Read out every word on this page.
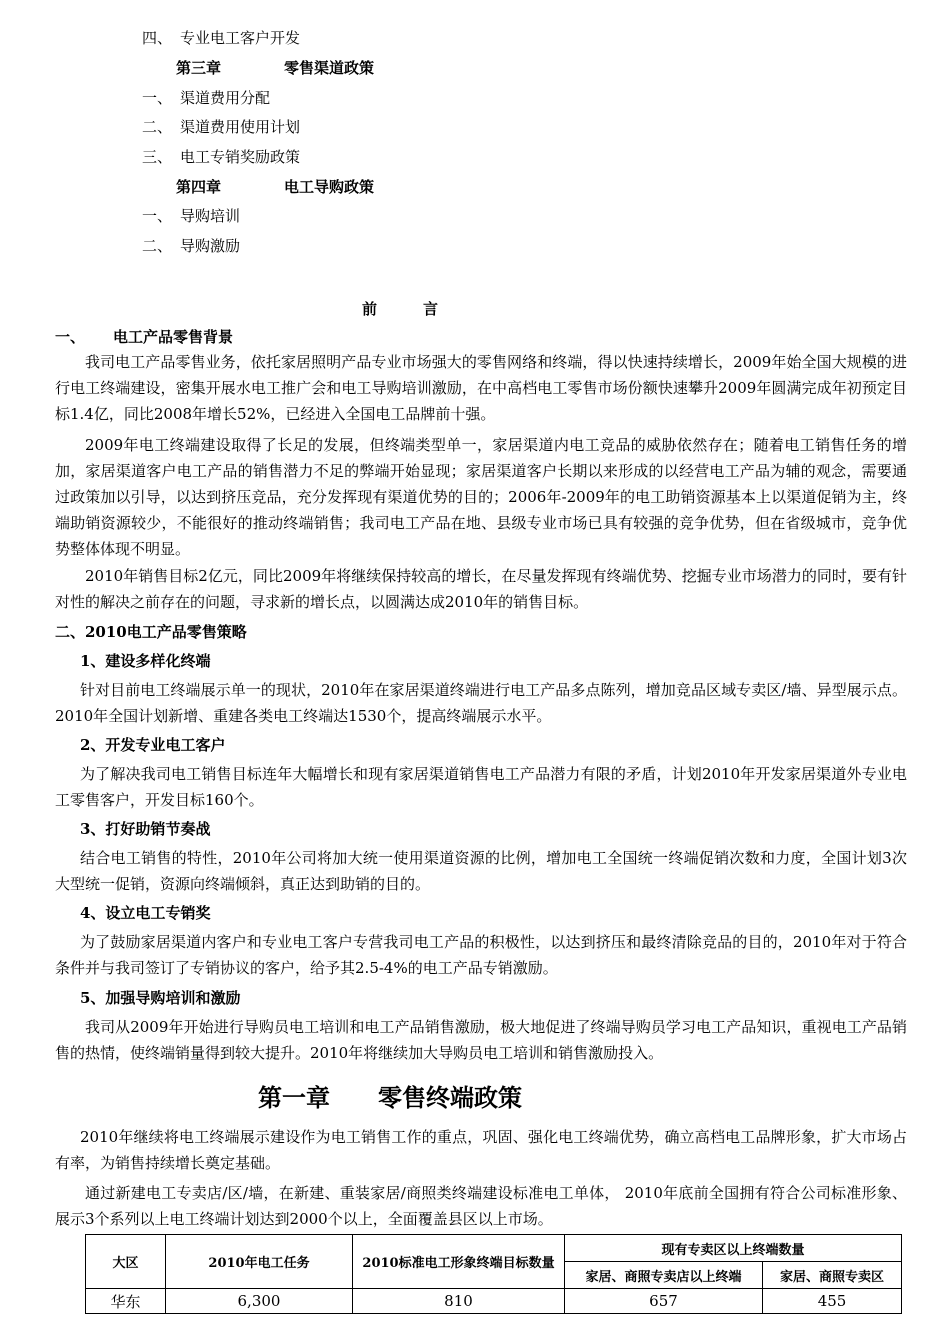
四、 专业电工客户开发
第三章	零售渠道政策
一、 渠道费用分配
二、 渠道费用使用计划
三、 电工专销奖励政策
第四章	电工导购政策
一、 导购培训
二、 导购激励
前言
一、 电工产品零售背景

我司电工产品零售业务，依托家居照明产品专业市场强大的零售网络和终端，得以快速持续增长，2009年始全国大规模的进行电工终端建设，密集开展水电工推广会和电工导购培训激励，在中高档电工零售市场份额快速攀升2009年圆满完成年初预定目标1.4亿，同比2008年增长52%，已经进入全国电工品牌前十强。

2009年电工终端建设取得了长足的发展，但终端类型单一，家居渠道内电工竞品的威胁依然存在；随着电工销售任务的增加，家居渠道客户电工产品的销售潜力不足的弊端开始显现；家居渠道客户长期以来形成的以经营电工产品为辅的观念，需要通过政策加以引导，以达到挤压竞品，充分发挥现有渠道优势的目的；2006年-2009年的电工助销资源基本上以渠道促销为主，终端助销资源较少，不能很好的推动终端销售；我司电工产品在地、县级专业市场已具有较强的竞争优势，但在省级城市，竞争优势整体体现不明显。

2010年销售目标2亿元，同比2009年将继续保持较高的增长，在尽量发挥现有终端优势、挖掘专业市场潜力的同时，要有针对性的解决之前存在的问题，寻求新的增长点，以圆满达成2010年的销售目标。

二、2010电工产品零售策略
1、建设多样化终端

针对目前电工终端展示单一的现状，2010年在家居渠道终端进行电工产品多点陈列，增加竞品区域专卖区/墙、异型展示点。2010年全国计划新增、重建各类电工终端达1530个，提高终端展示水平。

2、开发专业电工客户

为了解决我司电工销售目标连年大幅增长和现有家居渠道销售电工产品潜力有限的矛盾，计划2010年开发家居渠道外专业电工零售客户，开发目标160个。

3、打好助销节奏战

结合电工销售的特性，2010年公司将加大统一使用渠道资源的比例，增加电工全国统一终端促销次数和力度，全国计划3次大型统一促销，资源向终端倾斜，真正达到助销的目的。

4、设立电工专销奖

为了鼓励家居渠道内客户和专业电工客户专营我司电工产品的积极性，以达到挤压和最终清除竞品的目的，2010年对于符合条件并与我司签订了专销协议的客户，给予其2.5-4%的电工产品专销激励。

5、加强导购培训和激励

我司从2009年开始进行导购员电工培训和电工产品销售激励，极大地促进了终端导购员学习电工产品知识，重视电工产品销售的热情，使终端销量得到较大提升。2010年将继续加大导购员电工培训和销售激励投入。

第一章 零售终端政策

2010年继续将电工终端展示建设作为电工销售工作的重点，巩固、强化电工终端优势，确立高档电工品牌形象，扩大市场占有率，为销售持续增长奠定基础。

通过新建电工专卖店/区/墙，在新建、重装家居/商照类终端建设标准电工单体， 2010年底前全国拥有符合公司标准形象、展示3个系列以上电工终端计划达到2000个以上，全面覆盖县区以上市场。

大区	2010年电工任务	2010标准电工形象终端目标数量	现有专卖区以上终端数量	
			家居、商照专卖店以上终端	家居、商照专卖区
华东	6,300	810	657	455
